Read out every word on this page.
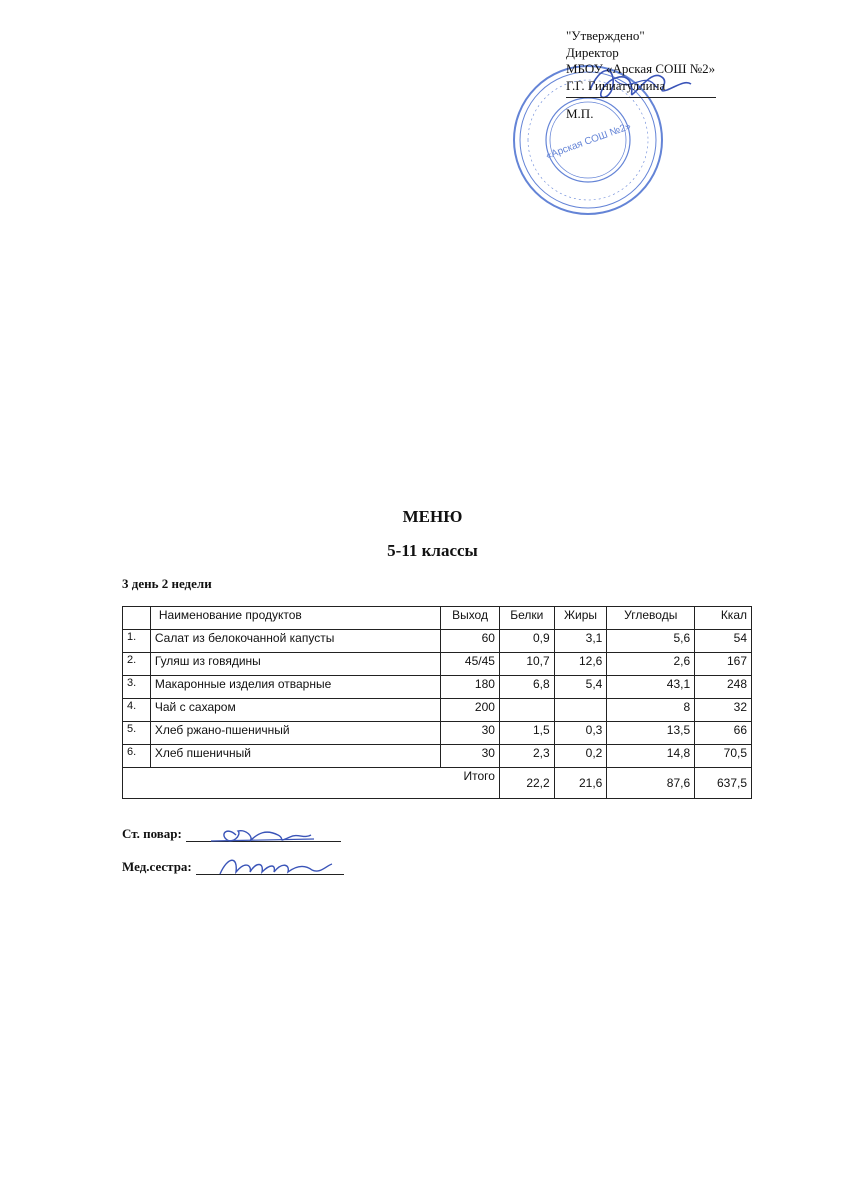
«Арская СОШ №2»
"Утверждено"
Директор
МБОУ «Арская СОШ №2»
Г.Г. Гиниатуллина
М.П.
МЕНЮ
5-11 классы
3 день 2 недели
	Наименование продуктов	Выход	Белки	Жиры	Углеводы	Ккал
1.	Салат из белокочанной капусты	60	0,9	3,1	5,6	54
2.	Гуляш из говядины	45/45	10,7	12,6	2,6	167
3.	Макаронные изделия отварные	180	6,8	5,4	43,1	248
4.	Чай с сахаром	200			8	32
5.	Хлеб ржано-пшеничный	30	1,5	0,3	13,5	66
6.	Хлеб пшеничный	30	2,3	0,2	14,8	70,5
Итого			22,2	21,6	87,6	637,5
Ст. повар:
Мед.сестра:
